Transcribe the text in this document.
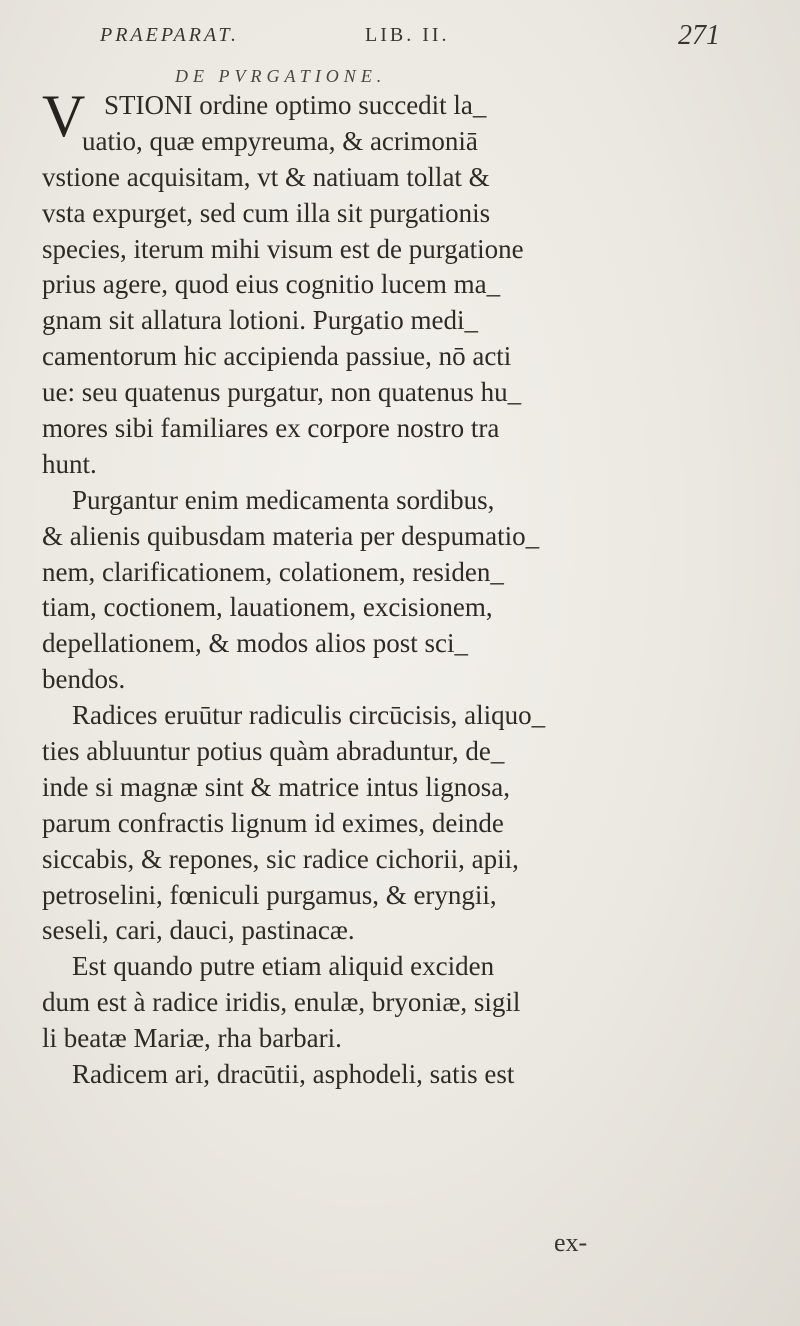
PRAEPARAT.	LIB. II.	271
DE PVRGATIONE.
V STIONI ordine optimo succedit la_
uatio, quæ empyreuma, & acrimoniā
vstione acquisitam, vt & natiuam tollat &
vsta expurget, sed cum illa sit purgationis
species, iterum mihi visum est de purgatione
prius agere, quod eius cognitio lucem ma_
gnam sit allatura lotioni. Purgatio medi_
camentorum hic accipienda passiue, nō acti
ue: seu quatenus purgatur, non quatenus hu_
mores sibi familiares ex corpore nostro tra
hunt.
Purgantur enim medicamenta sordibus,
& alienis quibusdam materia per despumatio_
nem, clarificationem, colationem, residen_
tiam, coctionem, lauationem, excisionem,
depellationem, & modos alios post sci_
bendos.
Radices eruūtur radiculis circūcisis, aliquo_
ties abluuntur potius quàm abraduntur, de_
inde si magnæ sint & matrice intus lignosa,
parum confractis lignum id eximes, deinde
siccabis, & repones, sic radice cichorii, apii,
petroselini, fœniculi purgamus, & eryngii,
seseli, cari, dauci, pastinacæ.
Est quando putre etiam aliquid exciden
dum est à radice iridis, enulæ, bryoniæ, sigil
li beatæ Mariæ, rha barbari.
Radicem ari, dracūtii, asphodeli, satis est
ex-
